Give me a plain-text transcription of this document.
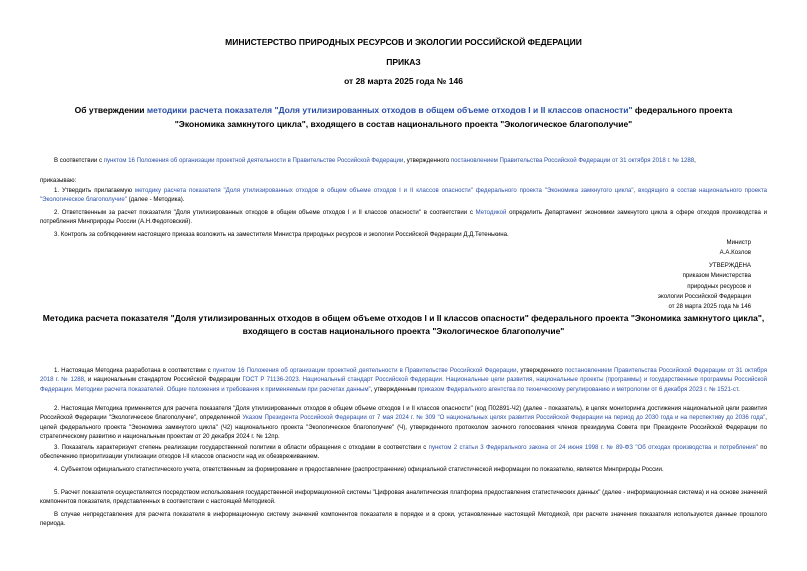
МИНИСТЕРСТВО ПРИРОДНЫХ РЕСУРСОВ И ЭКОЛОГИИ РОССИЙСКОЙ ФЕДЕРАЦИИ
ПРИКАЗ
от 28 марта 2025 года № 146
Об утверждении методики расчета показателя "Доля утилизированных отходов в общем объеме отходов I и II классов опасности" федерального проекта "Экономика замкнутого цикла", входящего в состав национального проекта "Экологическое благополучие"
В соответствии с пунктом 16 Положения об организации проектной деятельности в Правительстве Российской Федерации, утвержденного постановлением Правительства Российской Федерации от 31 октября 2018 г. № 1288,
приказываю:
1. Утвердить прилагаемую методику расчета показателя "Доля утилизированных отходов в общем объеме отходов I и II классов опасности" федерального проекта "Экономика замкнутого цикла", входящего в состав национального проекта "Экологическое благополучие" (далее - Методика).
2. Ответственным за расчет показателя "Доля утилизированных отходов в общем объеме отходов I и II классов опасности" в соответствии с Методикой определить Департамент экономики замкнутого цикла в сфере отходов производства и потребления Минприроды России (А.Н.Федотовский).
3. Контроль за соблюдением настоящего приказа возложить на заместителя Министра природных ресурсов и экологии Российской Федерации Д.Д.Тетенькина.
Министр
А.А.Козлов
УТВЕРЖДЕНА
приказом Министерства
природных ресурсов и
экологии Российской Федерации
от 28 марта 2025 года № 146
Методика расчета показателя "Доля утилизированных отходов в общем объеме отходов I и II классов опасности" федерального проекта "Экономика замкнутого цикла", входящего в состав национального проекта "Экологическое благополучие"
1. Настоящая Методика разработана в соответствии с пунктом 16 Положения об организации проектной деятельности в Правительстве Российской Федерации, утвержденного постановлением Правительства Российской Федерации от 31 октября 2018 г. № 1288, и национальным стандартом Российской Федерации ГОСТ Р 71136-2023. Национальный стандарт Российской Федерации. Национальные цели развития, национальные проекты (программы) и государственные программы Российской Федерации. Методики расчета показателей. Общие положения и требования к применяемым при расчетах данным", утвержденным приказом Федерального агентства по техническому регулированию и метрологии от 6 декабря 2023 г. № 1521-ст.
2. Настоящая Методика применяется для расчета показателя "Доля утилизированных отходов в общем объеме отходов I и II классов опасности" (код П02891-Ч2) (далее - показатель), в целях мониторинга достижения национальной цели развития Российской Федерации "Экологическое благополучие", определенной Указом Президента Российской Федерации от 7 мая 2024 г. № 309 "О национальных целях развития Российской Федерации на период до 2030 года и на перспективу до 2036 года", целей федерального проекта "Экономика замкнутого цикла" (Ч2) национального проекта "Экологическое благополучие" (Ч), утвержденного протоколом заочного голосования членов президиума Совета при Президенте Российской Федерации по стратегическому развитию и национальным проектам от 20 декабря 2024 г. № 12пр.
3. Показатель характеризует степень реализации государственной политики в области обращения с отходами в соответствии с пунктом 2 статьи 3 Федерального закона от 24 июня 1998 г. № 89-ФЗ "Об отходах производства и потребления" по обеспечению приоритизации утилизации отходов I-II классов опасности над их обезвреживанием.
4. Субъектом официального статистического учета, ответственным за формирование и предоставление (распространение) официальной статистической информации по показателю, является Минприроды России.
5. Расчет показателя осуществляется посредством использования государственной информационной системы "Цифровая аналитическая платформа предоставления статистических данных" (далее - информационная система) и на основе значений компонентов показателя, представленных в соответствии с настоящей Методикой.
В случае непредставления для расчета показателя в информационную систему значений компонентов показателя в порядке и в сроки, установленные настоящей Методикой, при расчете значения показателя используются данные прошлого периода.
